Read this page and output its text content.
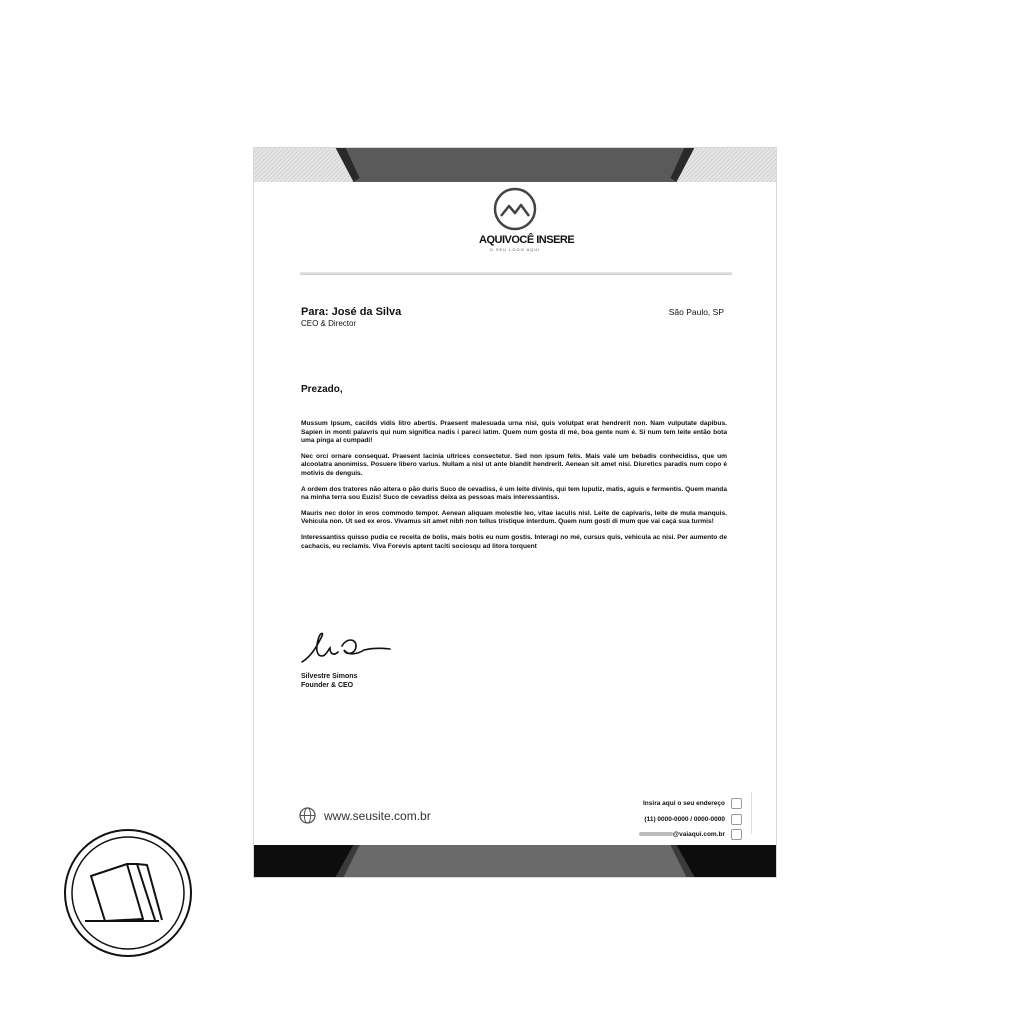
AQUIVOCÊ INSERE
O SEU LOGO AQUI
Para: José da Silva
CEO & Director
São Paulo, SP
Prezado,

Mussum Ipsum, cacilds vidis litro abertis. Praesent malesuada urna nisi, quis volutpat erat hendrerit non. Nam vulputate dapibus. Sapien in monti palavris qui num significa nadis i pareci latim. Quem num gosta di mé, boa gente num é. Si num tem leite então bota uma pinga aí cumpadi!

Nec orci ornare consequat. Praesent lacinia ultrices consectetur. Sed non ipsum felis. Mais vale um bebadis conhecidiss, que um alcoolatra anonimiss. Posuere libero varius. Nullam a nisl ut ante blandit hendrerit. Aenean sit amet nisi. Diuretics paradis num copo é motivis de denguis.

A ordem dos tratores não altera o pão duris Suco de cevadiss, é um leite divinis, qui tem lupuliz, matis, aguis e fermentis. Quem manda na minha terra sou Euzis! Suco de cevadiss deixa as pessoas mais interessantiss.

Mauris nec dolor in eros commodo tempor. Aenean aliquam molestie leo, vitae iaculis nisl. Leite de capivaris, leite de mula manquis. Vehicula non. Ut sed ex eros. Vivamus sit amet nibh non tellus tristique interdum. Quem num gosti di mum que vai caçá sua turmis!

Interessantiss quisso pudia ce receita de bolis, mais bolis eu num gostis. Interagi no mé, cursus quis, vehicula ac nisi. Per aumento de cachacis, eu reclamis. Viva Forevis aptent taciti sociosqu ad litora torquent

Silvestre Simons
Founder & CEO
www.seusite.com.br
Insira aqui o seu endereço
(11) 0000-0000 / 0000-0000
@vaiaqui.com.br
